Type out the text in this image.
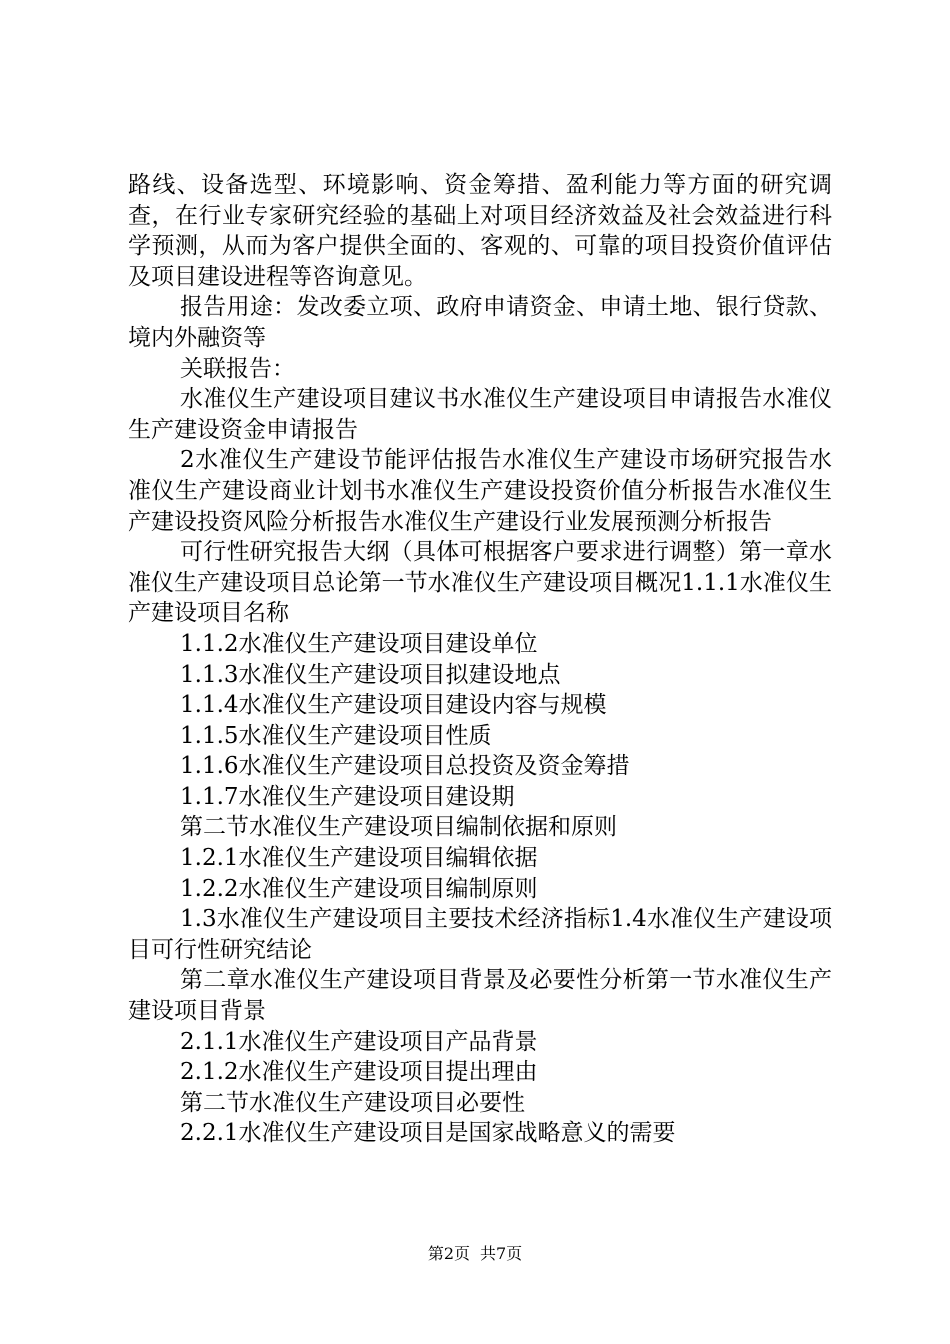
路线、设备选型、环境影响、资金筹措、盈利能力等方面的研究调查，在行业专家研究经验的基础上对项目经济效益及社会效益进行科学预测，从而为客户提供全面的、客观的、可靠的项目投资价值评估及项目建设进程等咨询意见。

报告用途：发改委立项、政府申请资金、申请土地、银行贷款、境内外融资等

关联报告：

水准仪生产建设项目建议书水准仪生产建设项目申请报告水准仪生产建设资金申请报告

2水准仪生产建设节能评估报告水准仪生产建设市场研究报告水准仪生产建设商业计划书水准仪生产建设投资价值分析报告水准仪生产建设投资风险分析报告水准仪生产建设行业发展预测分析报告

可行性研究报告大纲（具体可根据客户要求进行调整）第一章水准仪生产建设项目总论第一节水准仪生产建设项目概况1.1.1水准仪生产建设项目名称

1.1.2水准仪生产建设项目建设单位

1.1.3水准仪生产建设项目拟建设地点

1.1.4水准仪生产建设项目建设内容与规模

1.1.5水准仪生产建设项目性质

1.1.6水准仪生产建设项目总投资及资金筹措

1.1.7水准仪生产建设项目建设期

第二节水准仪生产建设项目编制依据和原则

1.2.1水准仪生产建设项目编辑依据

1.2.2水准仪生产建设项目编制原则

1.3水准仪生产建设项目主要技术经济指标1.4水准仪生产建设项目可行性研究结论

第二章水准仪生产建设项目背景及必要性分析第一节水准仪生产建设项目背景

2.1.1水准仪生产建设项目产品背景

2.1.2水准仪生产建设项目提出理由

第二节水准仪生产建设项目必要性

2.2.1水准仪生产建设项目是国家战略意义的需要

第2页 共7页
